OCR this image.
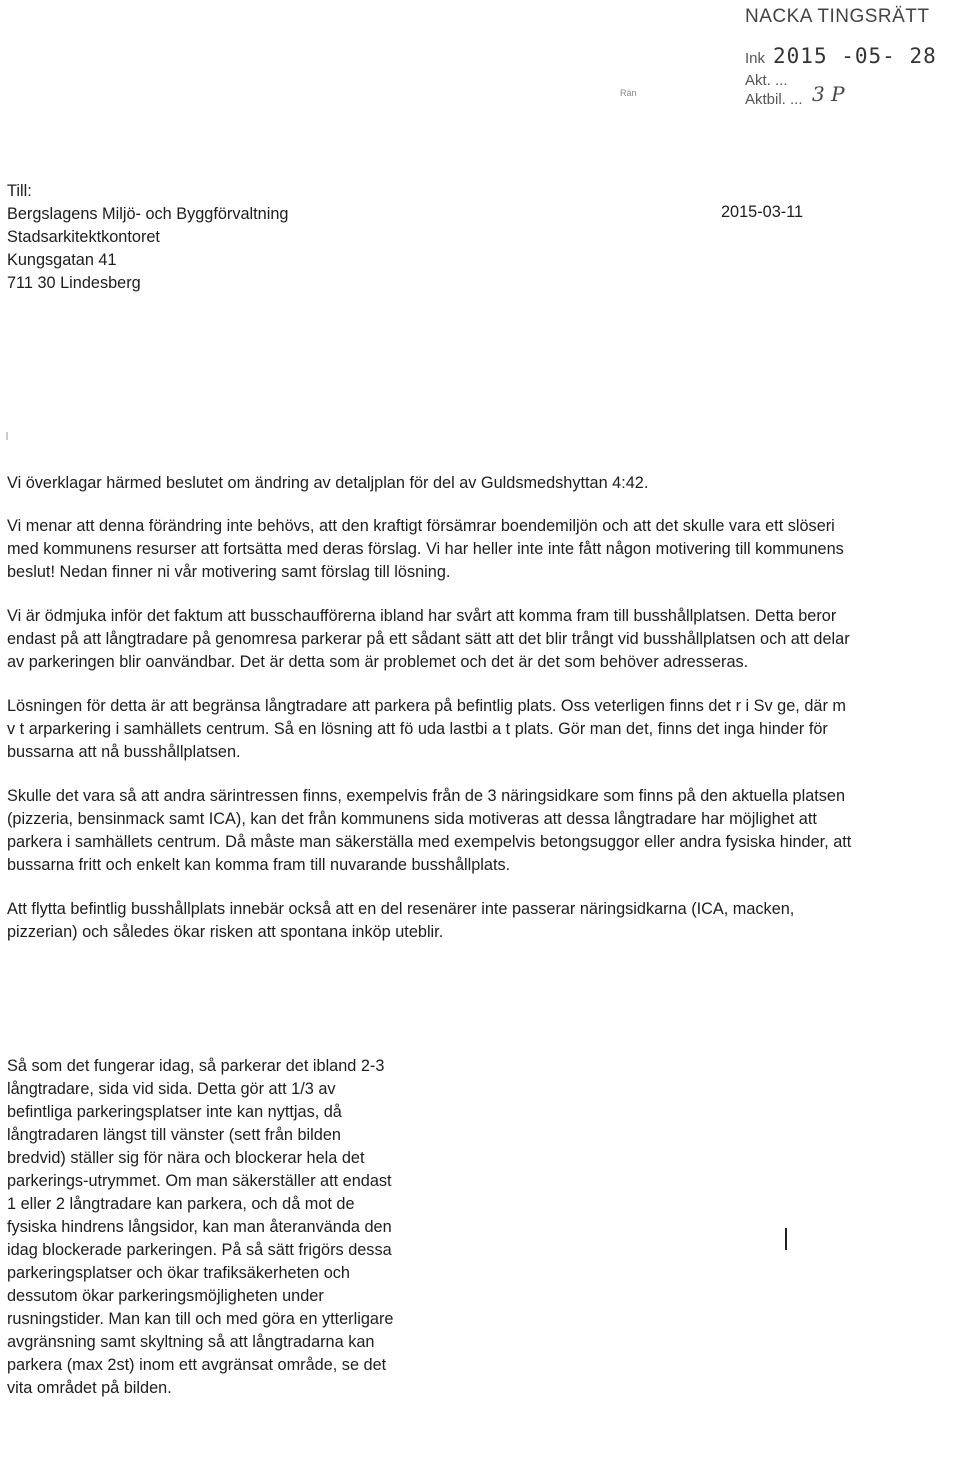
NACKA TINGSRÄTT
Ink 2015 -05- 28
Akt. ...
Aktbil. ... 3 P
Rän
Till:
Bergslagens Miljö- och Byggförvaltning
Stadsarkitektkontoret
Kungsgatan 41
711 30 Lindesberg
2015-03-11

Vi överklagar härmed beslutet om ändring av detaljplan för del av Guldsmedshyttan 4:42.

Vi menar att denna förändring inte behövs, att den kraftigt försämrar boendemiljön och att det skulle vara ett slöseri med kommunens resurser att fortsätta med deras förslag. Vi har heller inte inte fått någon motivering till kommunens beslut! Nedan finner ni vår motivering samt förslag till lösning.

Vi är ödmjuka inför det faktum att busschaufförerna ibland har svårt att komma fram till busshållplatsen. Detta beror endast på att långtradare på genomresa parkerar på ett sådant sätt att det blir trångt vid busshållplatsen och att delar av parkeringen blir oanvändbar. Det är detta som är problemet och det är det som behöver adresseras.

Lösningen för detta är att begränsa långtradare att parkera på befintlig plats. Oss veterligen finns det r i Sv ge, där m v t arparkering i samhällets centrum. Så en lösning att fö uda lastbi a t plats. Gör man det, finns det inga hinder för bussarna att nå busshållplatsen.

Skulle det vara så att andra särintressen finns, exempelvis från de 3 näringsidkare som finns på den aktuella platsen (pizzeria, bensinmack samt ICA), kan det från kommunens sida motiveras att dessa långtradare har möjlighet att parkera i samhällets centrum. Då måste man säkerställa med exempelvis betongsuggor eller andra fysiska hinder, att bussarna fritt och enkelt kan komma fram till nuvarande busshållplats.

Att flytta befintlig busshållplats innebär också att en del resenärer inte passerar näringsidkarna (ICA, macken, pizzerian) och således ökar risken att spontana inköp uteblir.

Så som det fungerar idag, så parkerar det ibland 2-3 långtradare, sida vid sida. Detta gör att 1/3 av befintliga parkeringsplatser inte kan nyttjas, då långtradaren längst till vänster (sett från bilden bredvid) ställer sig för nära och blockerar hela det parkerings-utrymmet. Om man säkerställer att endast 1 eller 2 långtradare kan parkera, och då mot de fysiska hindrens långsidor, kan man återanvända den idag blockerade parkeringen. På så sätt frigörs dessa parkeringsplatser och ökar trafiksäkerheten och dessutom ökar parkeringsmöjligheten under rusningstider. Man kan till och med göra en ytterligare avgränsning samt skyltning så att långtradarna kan parkera (max 2st) inom ett avgränsat område, se det vita området på bilden.
